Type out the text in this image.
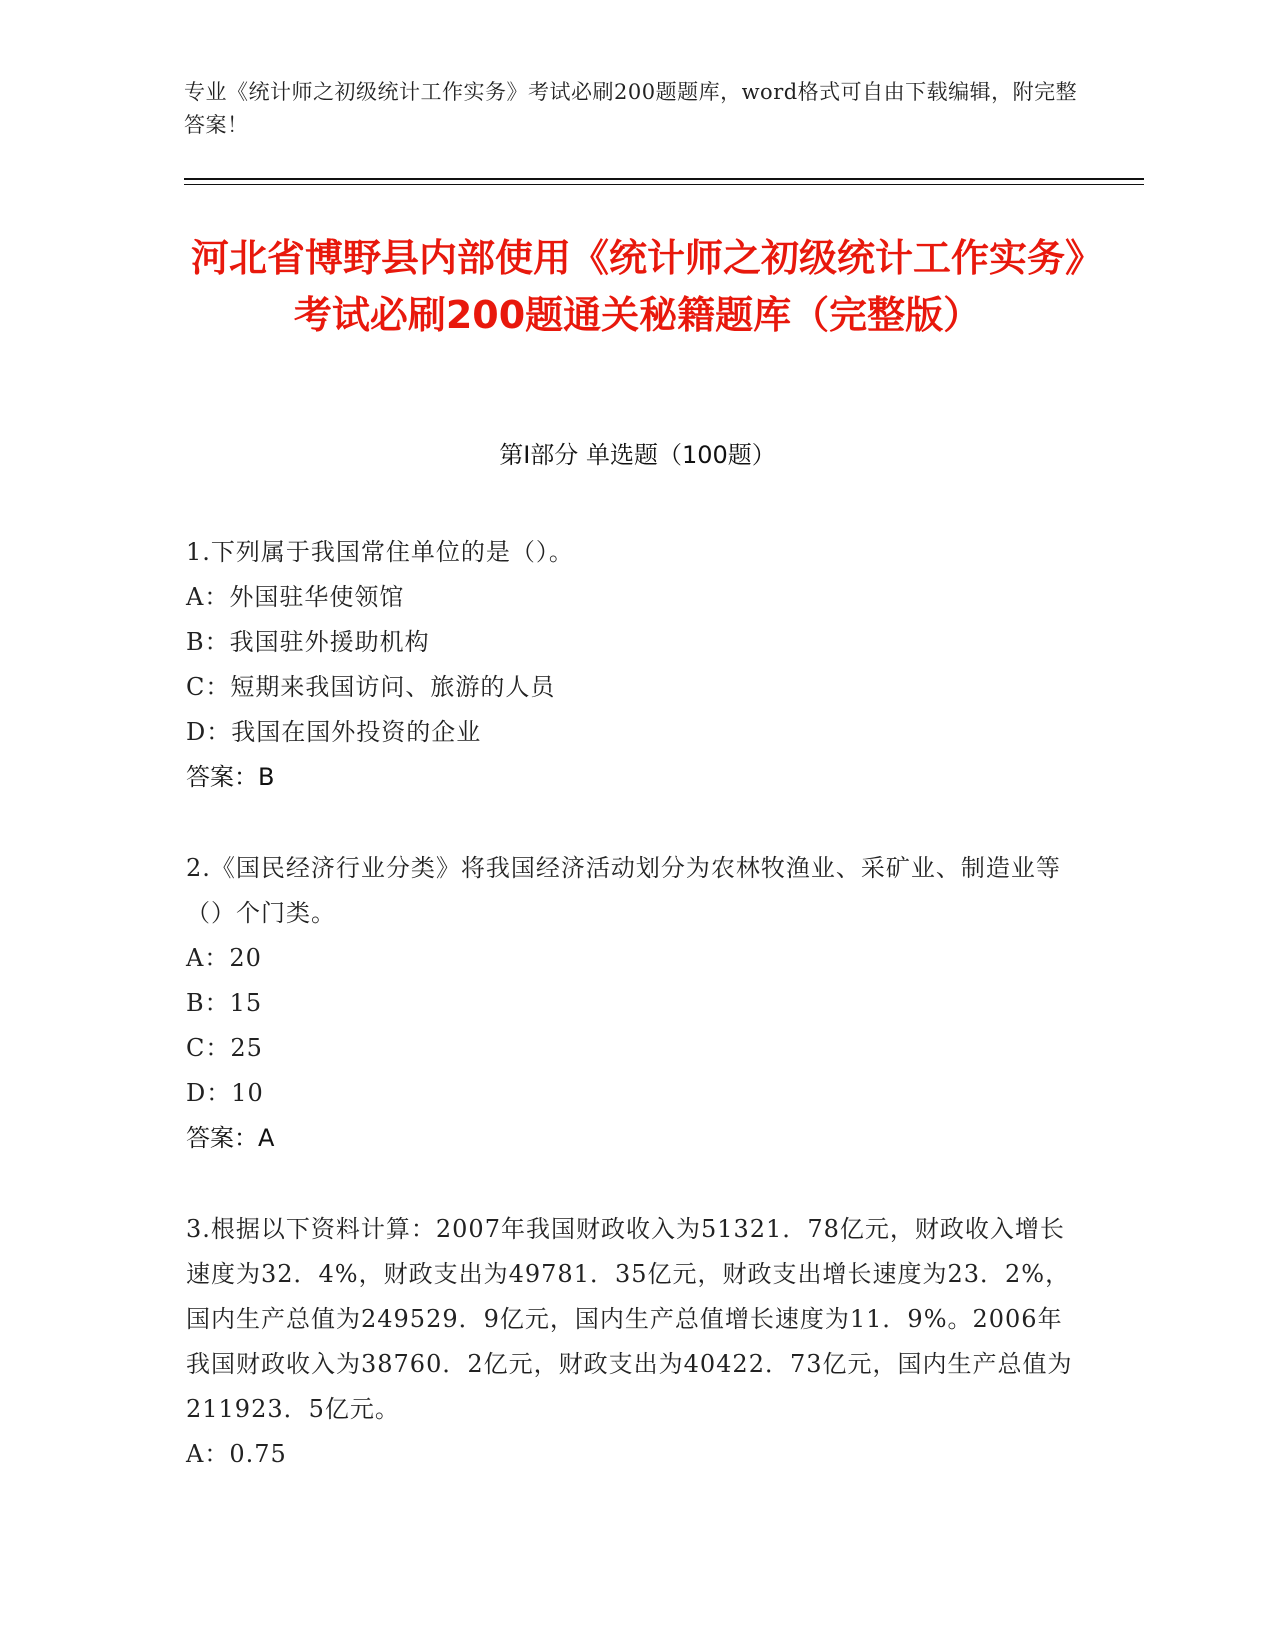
专业《统计师之初级统计工作实务》考试必刷200题题库，word格式可自由下载编辑，附完整答案！
河北省博野县内部使用《统计师之初级统计工作实务》考试必刷200题通关秘籍题库（完整版）
第Ⅰ部分 单选题（100题）
1.下列属于我国常住单位的是（）。
A：外国驻华使领馆
B：我国驻外援助机构
C：短期来我国访问、旅游的人员
D：我国在国外投资的企业
答案：B
2.《国民经济行业分类》将我国经济活动划分为农林牧渔业、采矿业、制造业等（）个门类。
A：20
B：15
C：25
D：10
答案：A
3.根据以下资料计算：2007年我国财政收入为51321．78亿元，财政收入增长速度为32．4%，财政支出为49781．35亿元，财政支出增长速度为23．2%，国内生产总值为249529．9亿元，国内生产总值增长速度为11．9%。2006年我国财政收入为38760．2亿元，财政支出为40422．73亿元，国内生产总值为211923．5亿元。
A：0.75
